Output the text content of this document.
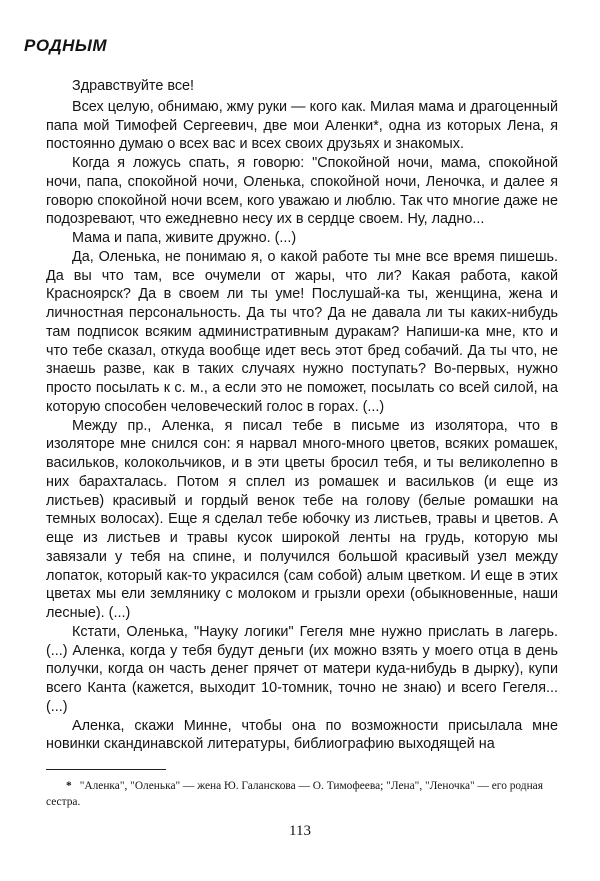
РОДНЫМ

Здравствуйте все!

Всех целую, обнимаю, жму руки — кого как. Милая мама и драгоценный папа мой Тимофей Сергеевич, две мои Аленки*, одна из которых Лена, я постоянно думаю о всех вас и всех своих друзьях и знакомых.

Когда я ложусь спать, я говорю: "Спокойной ночи, мама, спокойной ночи, папа, спокойной ночи, Оленька, спокойной ночи, Леночка, и далее я говорю спокойной ночи всем, кого уважаю и люблю. Так что многие даже не подозревают, что ежедневно несу их в сердце своем. Ну, ладно...

Мама и папа, живите дружно. (...)

Да, Оленька, не понимаю я, о какой работе ты мне все время пишешь. Да вы что там, все очумели от жары, что ли? Какая работа, какой Красноярск? Да в своем ли ты уме! Послушай-ка ты, женщина, жена и личностная персональность. Да ты что? Да не давала ли ты каких-нибудь там подписок всяким административным дуракам? Напиши-ка мне, кто и что тебе сказал, откуда вообще идет весь этот бред собачий. Да ты что, не знаешь разве, как в таких случаях нужно поступать? Во-первых, нужно просто посылать к с. м., а если это не поможет, посылать со всей силой, на которую способен человеческий голос в горах. (...)

Между пр., Аленка, я писал тебе в письме из изолятора, что в изоляторе мне снился сон: я нарвал много-много цветов, всяких ромашек, васильков, колокольчиков, и в эти цветы бросил тебя, и ты великолепно в них барахталась. Потом я сплел из ромашек и васильков (и еще из листьев) красивый и гордый венок тебе на голову (белые ромашки на темных волосах). Еще я сделал тебе юбочку из листьев, травы и цветов. А еще из листьев и травы кусок широкой ленты на грудь, которую мы завязали у тебя на спине, и получился большой красивый узел между лопаток, который как-то украсился (сам собой) алым цветком. И еще в этих цветах мы ели землянику с молоком и грызли орехи (обыкновенные, наши лесные). (...)

Кстати, Оленька, "Науку логики" Гегеля мне нужно прислать в лагерь. (...) Аленка, когда у тебя будут деньги (их можно взять у моего отца в день получки, когда он часть денег прячет от матери куда-нибудь в дырку), купи всего Канта (кажется, выходит 10-томник, точно не знаю) и всего Гегеля... (...)

Аленка, скажи Минне, чтобы она по возможности присылала мне новинки скандинавской литературы, библиографию выходящей на

* "Аленка", "Оленька" — жена Ю. Галанскова — О. Тимофеева; "Лена", "Леночка" — его родная сестра.
113
